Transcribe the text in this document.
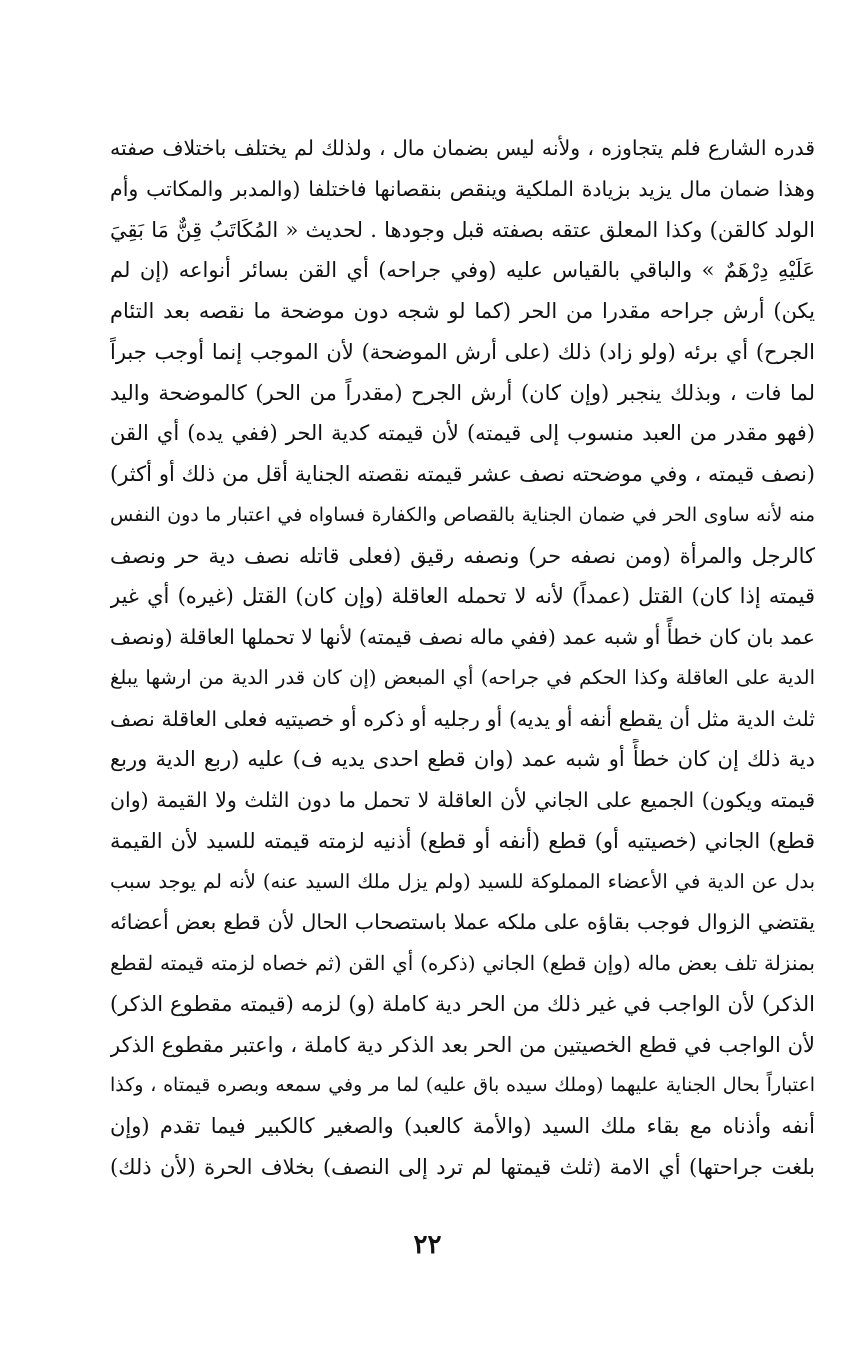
قدره الشارع فلم يتجاوزه ، ولأنه ليس بضمان مال ، ولذلك لم يختلف باختلاف صفته
وهذا ضمان مال يزيد بزيادة الملكية وينقص بنقصانها فاختلفا (والمدبر والمكاتب وأم
الولد كالقن) وكذا المعلق عتقه بصفته قبل وجودها . لحديث « المُكَاتَبُ قِنٌّ مَا بَقِيَ
عَلَيْهِ دِرْهَمٌ » والباقي بالقياس عليه (وفي جراحه) أي القن بسائر أنواعه (إن لم
يكن) أرش جراحه مقدرا من الحر (كما لو شجه دون موضحة ما نقصه بعد التئام
الجرح) أي برئه (ولو زاد) ذلك (على أرش الموضحة) لأن الموجب إنما أوجب جبراً
لما فات ، وبذلك ينجبر (وإن كان) أرش الجرح (مقدراً من الحر) كالموضحة واليد
(فهو مقدر من العبد منسوب إلى قيمته) لأن قيمته كدية الحر (ففي يده) أي القن
(نصف قيمته ، وفي موضحته نصف عشر قيمته نقصته الجناية أقل من ذلك أو أكثر)
منه لأنه ساوى الحر في ضمان الجناية بالقصاص والكفارة فساواه في اعتبار ما دون النفس
كالرجل والمرأة (ومن نصفه حر) ونصفه رقيق (فعلى قاتله نصف دية حر ونصف
قيمته إذا كان) القتل (عمداً) لأنه لا تحمله العاقلة (وإن كان) القتل (غيره) أي غير
عمد بان كان خطأً أو شبه عمد (ففي ماله نصف قيمته) لأنها لا تحملها العاقلة (ونصف
الدية على العاقلة وكذا الحكم في جراحه) أي المبعض (إن كان قدر الدية من ارشها يبلغ
ثلث الدية مثل أن يقطع أنفه أو يديه) أو رجليه أو ذكره أو خصيتيه فعلى العاقلة نصف
دية ذلك إن كان خطأً أو شبه عمد (وان قطع احدى يديه ف) عليه (ربع الدية وربع
قيمته ويكون) الجميع على الجاني لأن العاقلة لا تحمل ما دون الثلث ولا القيمة (وان
قطع) الجاني (خصيتيه أو) قطع (أنفه أو قطع) أذنيه لزمته قيمته للسيد لأن القيمة
بدل عن الدية في الأعضاء المملوكة للسيد (ولم يزل ملك السيد عنه) لأنه لم يوجد سبب
يقتضي الزوال فوجب بقاؤه على ملكه عملا باستصحاب الحال لأن قطع بعض أعضائه
بمنزلة تلف بعض ماله (وإن قطع) الجاني (ذكره) أي القن (ثم خصاه لزمته قيمته لقطع
الذكر) لأن الواجب في غير ذلك من الحر دية كاملة (و) لزمه (قيمته مقطوع الذكر)
لأن الواجب في قطع الخصيتين من الحر بعد الذكر دية كاملة ، واعتبر مقطوع الذكر
اعتباراً بحال الجناية عليهما (وملك سيده باق عليه) لما مر وفي سمعه وبصره قيمتاه ، وكذا
أنفه وأذناه مع بقاء ملك السيد (والأمة كالعبد) والصغير كالكبير فيما تقدم (وإن
بلغت جراحتها) أي الامة (ثلث قيمتها لم ترد إلى النصف) بخلاف الحرة (لأن ذلك)
٢٢
